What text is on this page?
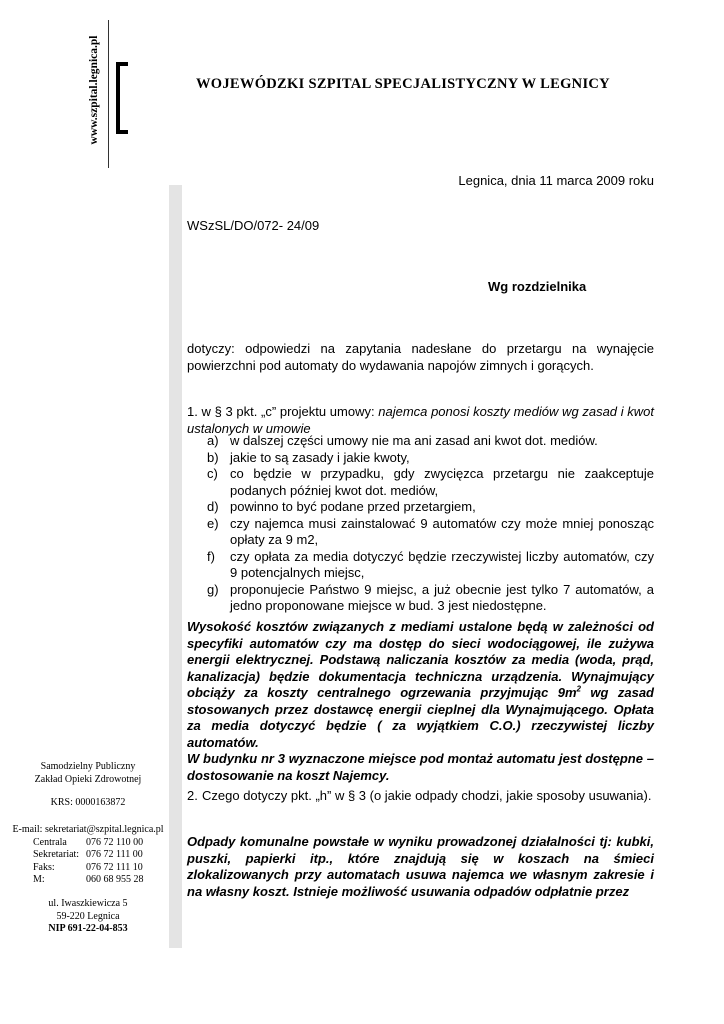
www.szpital.legnica.pl	WOJEWÓDZKI SZPITAL SPECJALISTYCZNY W LEGNICY
Legnica, dnia 11 marca 2009 roku
WSzSL/DO/072- 24/09
Wg rozdzielnika
dotyczy: odpowiedzi na zapytania nadesłane do przetargu na wynajęcie powierzchni pod automaty do wydawania napojów zimnych i gorących.
1. w § 3 pkt. „c” projektu umowy: najemca ponosi koszty mediów wg zasad i kwot ustalonych w umowie
a) w dalszej części umowy nie ma ani zasad ani kwot dot. mediów.
b) jakie to są zasady i jakie kwoty,
c) co będzie w przypadku, gdy zwycięzca przetargu nie zaakceptuje podanych później kwot dot. mediów,
d) powinno to być podane przed przetargiem,
e) czy najemca musi zainstalować 9 automatów czy może mniej ponosząc opłaty za 9 m2,
f)	czy opłata za media dotyczyć będzie rzeczywistej liczby automatów, czy 9 potencjalnych miejsc,
g) proponujecie Państwo 9 miejsc, a już obecnie jest tylko 7 automatów, a jedno proponowane miejsce w bud. 3 jest niedostępne.
Wysokość kosztów związanych z mediami ustalone będą w zależności od specyfiki automatów czy ma dostęp do sieci wodociągowej, ile zużywa energii elektrycznej. Podstawą naliczania kosztów za media (woda, prąd, kanalizacja) będzie dokumentacja techniczna urządzenia. Wynajmujący obciąży za koszty centralnego ogrzewania przyjmując $9m^2$ wg zasad stosowanych przez dostawcę energii cieplnej dla Wynajmującego. Opłata za media dotyczyć będzie ( za wyjątkiem C.O.) rzeczywistej liczby automatów.
W budynku nr 3 wyznaczone miejsce pod montaż automatu jest dostępne – dostosowanie na koszt Najemcy.
2. Czego dotyczy pkt. „h” w § 3 (o jakie odpady chodzi, jakie sposoby usuwania).
Odpady komunalne powstałe w wyniku prowadzonej działalności tj: kubki, puszki, papierki itp., które znajdują się w koszach na śmieci zlokalizowanych przy automatach usuwa najemca we własnym zakresie i na własny koszt. Istnieje możliwość usuwania odpadów odpłatnie przez
Samodzielny Publiczny
Zakład Opieki Zdrowotnej
KRS: 0000163872
E-mail: sekretariat@szpital.legnica.pl
Centrala	076 72 110 00
Sekretariat: 076 72 111 00
Faks:	076 72 111 10
M:	060 68 955 28
ul. Iwaszkiewicza 5
59-220 Legnica
NIP 691-22-04-853
